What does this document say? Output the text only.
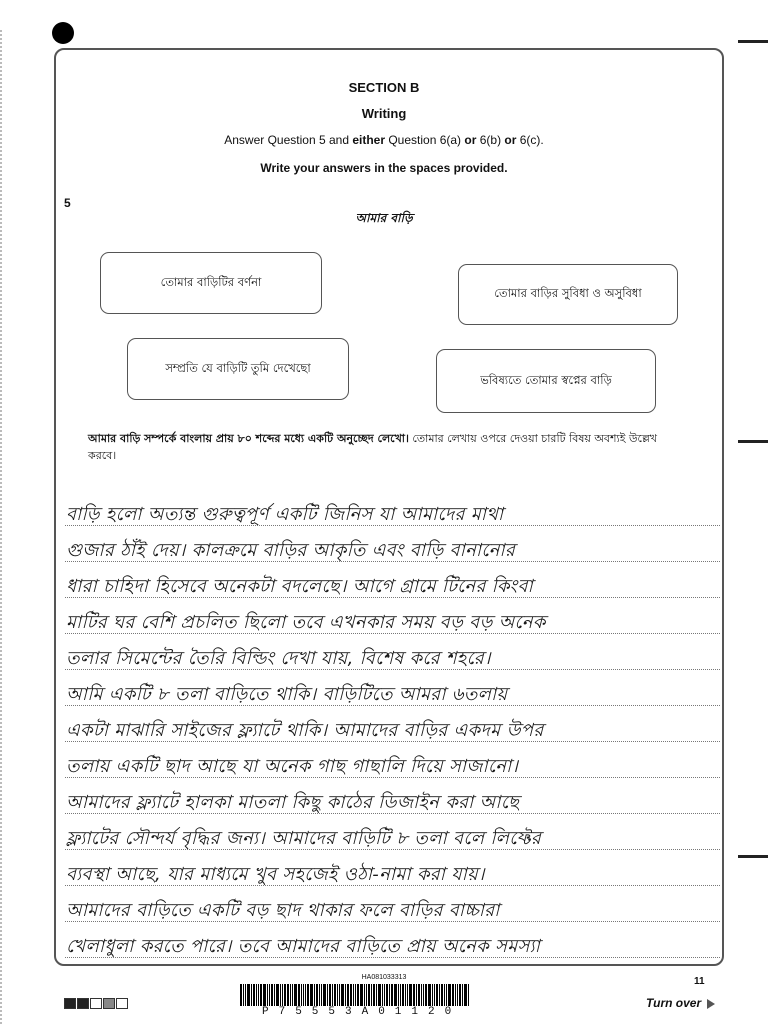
SECTION B
Writing
Answer Question 5 and either Question 6(a) or 6(b) or 6(c).
Write your answers in the spaces provided.
5
আমার বাড়ি
তোমার বাড়িটির বর্ণনা
তোমার বাড়ির সুবিধা ও অসুবিধা
সম্প্রতি যে বাড়িটি তুমি দেখেছো
ভবিষ্যতে তোমার স্বপ্নের বাড়ি
আমার বাড়ি সম্পর্কে বাংলায় প্রায় ৮০ শব্দের মধ্যে একটি অনুচ্ছেদ লেখো। তোমার লেখায় ওপরে দেওয়া চারটি বিষয় অবশ্যই উল্লেখ করবে।
বাড়ি হলো অত্যন্ত গুরুত্বপূর্ণ একটি জিনিস যা আমাদের মাথা
গুজার ঠাঁই দেয়। কালক্রমে বাড়ির আকৃতি এবং বাড়ি বানানোর
ধারা চাহিদা হিসেবে অনেকটা বদলেছে। আগে গ্রামে টিনের কিংবা
মাটির ঘর বেশি প্রচলিত ছিলো তবে এখনকার সময় বড় বড় অনেক
তলার সিমেন্টের তৈরি বিল্ডিং দেখা যায়, বিশেষ করে শহরে।
আমি একটি ৮ তলা বাড়িতে থাকি। বাড়িটিতে আমরা ৬তলায়
একটা মাঝারি সাইজের ফ্ল্যাটে থাকি। আমাদের বাড়ির একদম উপর
তলায় একটি ছাদ আছে যা অনেক গাছ গাছালি দিয়ে সাজানো।
আমাদের ফ্ল্যাটে হালকা মাতলা কিছু কাঠের ডিজাইন করা আছে
ফ্ল্যাটের সৌন্দর্য বৃদ্ধির জন্য। আমাদের বাড়িটি ৮ তলা বলে লিফ্টের
ব্যবস্থা আছে, যার মাধ্যমে খুব সহজেই ওঠা-নামা করা যায়।
আমাদের বাড়িতে একটি বড় ছাদ থাকার ফলে বাড়ির বাচ্চারা
খেলাধুলা করতে পারে। তবে আমাদের বাড়িতে প্রায় অনেক সমস্যা
HA081033313	11
P75553A01120
Turn over
